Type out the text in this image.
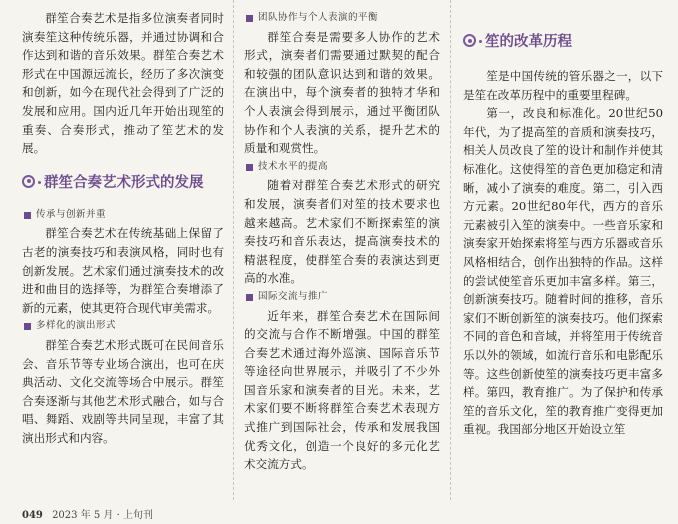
群笙合奏艺术是指多位演奏者同时演奏笙这种传统乐器，并通过协调和合作达到和谐的音乐效果。群笙合奏艺术形式在中国源远流长，经历了多次演变和创新，如今在现代社会得到了广泛的发展和应用。国内近几年开始出现笙的重奏、合奏形式，推动了笙艺术的发展。

群笙合奏艺术形式的发展
传承与创新并重

群笙合奏艺术在传统基础上保留了古老的演奏技巧和表演风格，同时也有创新发展。艺术家们通过演奏技术的改进和曲目的选择等，为群笙合奏增添了新的元素，使其更符合现代审美需求。

多样化的演出形式

群笙合奏艺术形式既可在民间音乐会、音乐节等专业场合演出，也可在庆典活动、文化交流等场合中展示。群笙合奏逐渐与其他艺术形式融合，如与合唱、舞蹈、戏剧等共同呈现，丰富了其演出形式和内容。

团队协作与个人表演的平衡

群笙合奏是需要多人协作的艺术形式，演奏者们需要通过默契的配合和较强的团队意识达到和谐的效果。在演出中，每个演奏者的独特才华和个人表演会得到展示，通过平衡团队协作和个人表演的关系，提升艺术的质量和观赏性。

技术水平的提高

随着对群笙合奏艺术形式的研究和发展，演奏者们对笙的技术要求也越来越高。艺术家们不断探索笙的演奏技巧和音乐表达，提高演奏技术的精湛程度，使群笙合奏的表演达到更高的水准。

国际交流与推广

近年来，群笙合奏艺术在国际间的交流与合作不断增强。中国的群笙合奏艺术通过海外巡演、国际音乐节等途径向世界展示，并吸引了不少外国音乐家和演奏者的目光。未来，艺术家们要不断将群笙合奏艺术表现方式推广到国际社会，传承和发展我国优秀文化，创造一个良好的多元化艺术交流方式。

笙的改革历程

笙是中国传统的管乐器之一，以下是笙在改革历程中的重要里程碑。

第一，改良和标准化。20世纪50年代，为了提高笙的音质和演奏技巧，相关人员改良了笙的设计和制作并使其标准化。这使得笙的音色更加稳定和清晰，减小了演奏的难度。第二，引入西方元素。20世纪80年代，西方的音乐元素被引入笙的演奏中。一些音乐家和演奏家开始探索将笙与西方乐器或音乐风格相结合，创作出独特的作品。这样的尝试使笙音乐更加丰富多样。第三，创新演奏技巧。随着时间的推移，音乐家们不断创新笙的演奏技巧。他们探索不同的音色和音域，并将笙用于传统音乐以外的领域，如流行音乐和电影配乐等。这些创新使笙的演奏技巧更丰富多样。第四，教育推广。为了保护和传承笙的音乐文化，笙的教育推广变得更加重视。我国部分地区开始设立笙

049 2023 年 5 月 · 上旬刊
